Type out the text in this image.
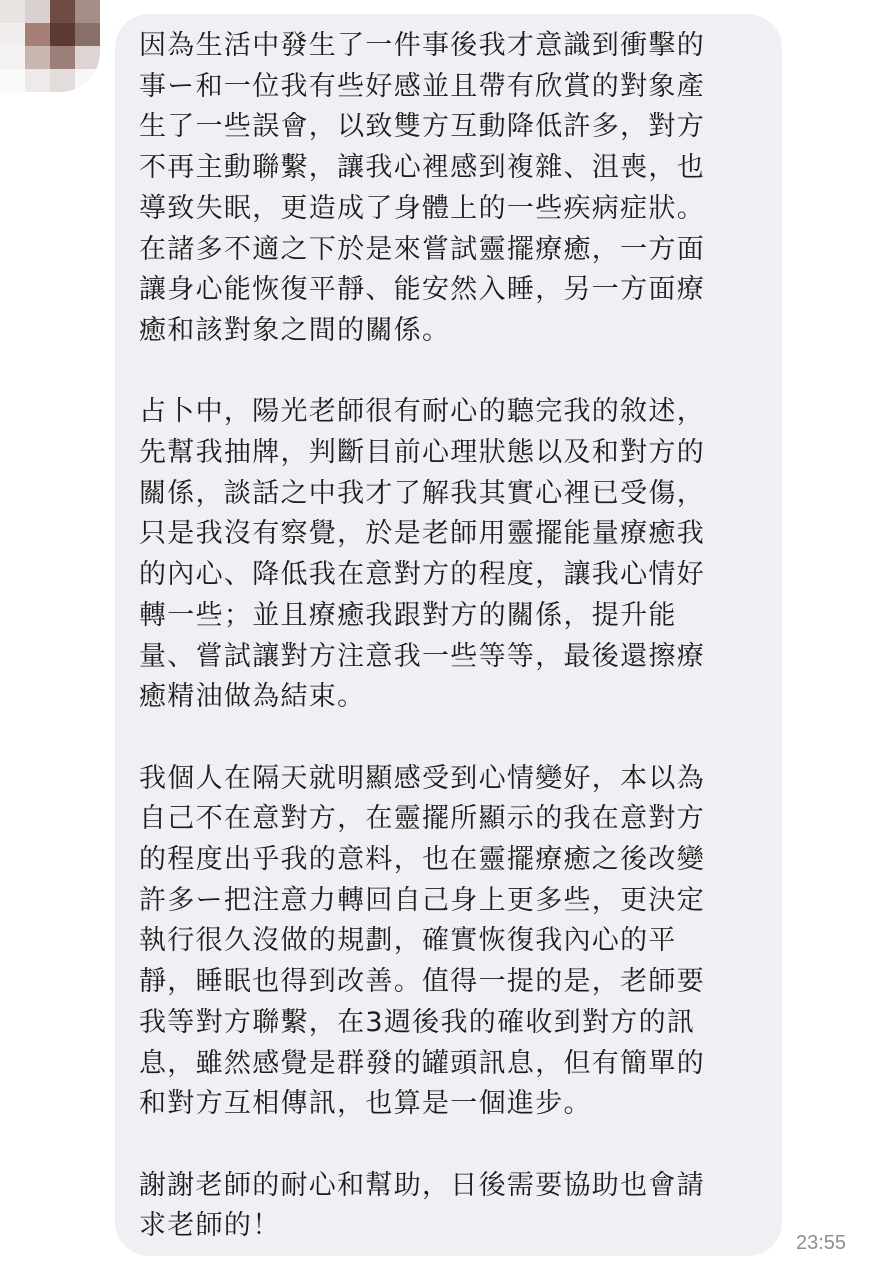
因為生活中發生了一件事後我才意識到衝擊的
事ー和一位我有些好感並且帶有欣賞的對象產
生了一些誤會，以致雙方互動降低許多，對方
不再主動聯繫，讓我心裡感到複雜、沮喪，也
導致失眠，更造成了身體上的一些疾病症狀。
在諸多不適之下於是來嘗試靈擺療癒，一方面
讓身心能恢復平靜、能安然入睡，另一方面療
癒和該對象之間的關係。

占卜中，陽光老師很有耐心的聽完我的敘述，
先幫我抽牌，判斷目前心理狀態以及和對方的
關係，談話之中我才了解我其實心裡已受傷，
只是我沒有察覺，於是老師用靈擺能量療癒我
的內心、降低我在意對方的程度，讓我心情好
轉一些；並且療癒我跟對方的關係，提升能
量、嘗試讓對方注意我一些等等，最後還擦療
癒精油做為結束。

我個人在隔天就明顯感受到心情變好，本以為
自己不在意對方，在靈擺所顯示的我在意對方
的程度出乎我的意料，也在靈擺療癒之後改變
許多ー把注意力轉回自己身上更多些，更決定
執行很久沒做的規劃，確實恢復我內心的平
靜，睡眠也得到改善。值得一提的是，老師要
我等對方聯繫，在3週後我的確收到對方的訊
息，雖然感覺是群發的罐頭訊息，但有簡單的
和對方互相傳訊，也算是一個進步。

謝謝老師的耐心和幫助，日後需要協助也會請
求老師的！

23:55
